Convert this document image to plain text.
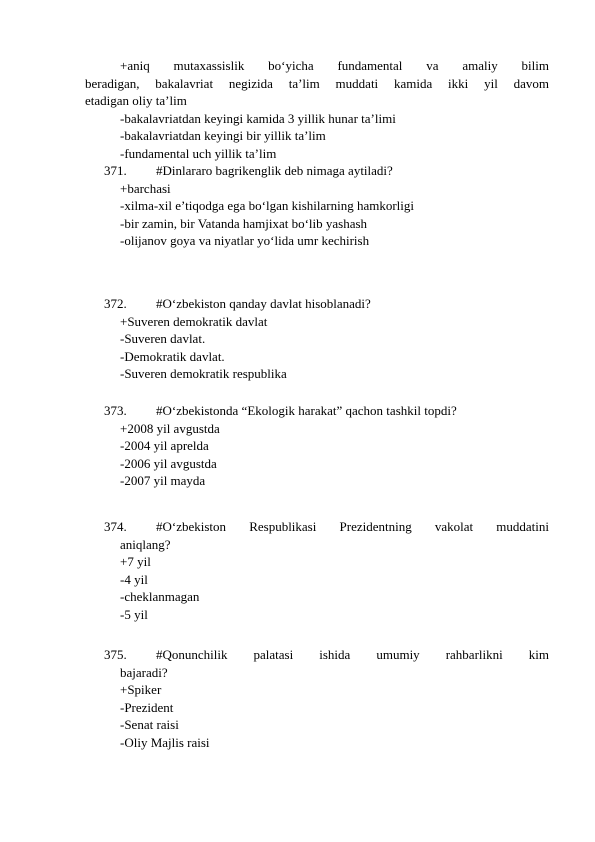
+aniq mutaxassislik bo‘yicha fundamental va amaliy bilim
beradigan, bakalavriat negizida ta’lim muddati kamida ikki yil davom
etadigan oliy ta’lim
-bakalavriatdan keyingi kamida 3 yillik hunar ta’limi
-bakalavriatdan keyingi bir yillik ta’lim
-fundamental uch yillik ta’lim
371. #Dinlararo bagrikenglik deb nimaga aytiladi?
+barchasi
-xilma-xil e’tiqodga ega bo‘lgan kishilarning hamkorligi
-bir zamin, bir Vatanda hamjixat bo‘lib yashash
-olijanov goya va niyatlar yo‘lida umr kechirish
372. #O‘zbekiston qanday davlat hisoblanadi?
+Suveren demokratik davlat
-Suveren davlat.
-Demokratik davlat.
-Suveren demokratik respublika
373. #O‘zbekistonda “Ekologik harakat” qachon tashkil topdi?
+2008 yil avgustda
-2004 yil aprelda
-2006 yil avgustda
-2007 yil mayda
374. #O‘zbekiston Respublikasi Prezidentning vakolat muddatini
aniqlang?
+7 yil
-4 yil
-cheklanmagan
-5 yil
375. #Qonunchilik palatasi ishida umumiy rahbarlikni kim
bajaradi?
+Spiker
-Prezident
-Senat raisi
-Oliy Majlis raisi
